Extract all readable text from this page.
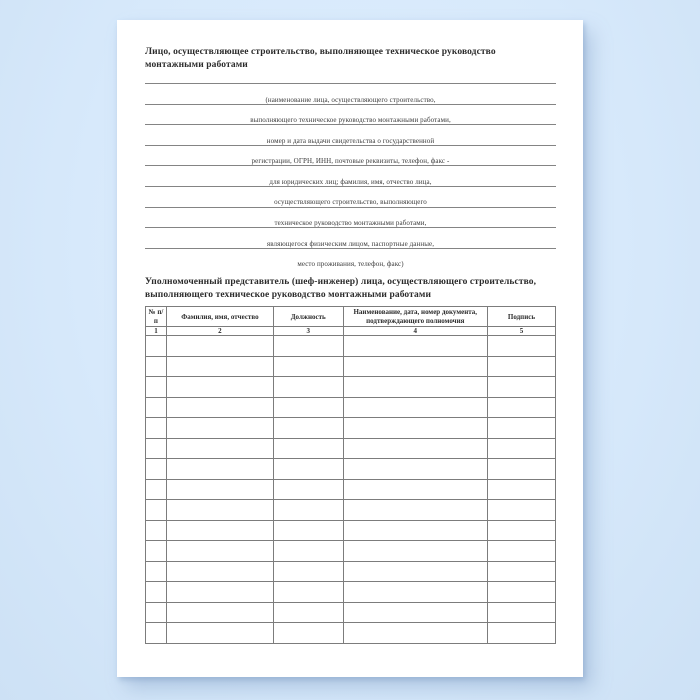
Лицо, осуществляющее строительство, выполняющее техническое руководство монтажными работами

(наименование лица, осуществляющего строительство,
выполняющего техническое руководство монтажными работами,
номер и дата выдачи свидетельства о государственной
регистрации, ОГРН, ИНН, почтовые реквизиты, телефон, факс -
для юридических лиц; фамилия, имя, отчество лица,
осуществляющего строительство, выполняющего
техническое руководство монтажными работами,
являющегося физическим лицом, паспортные данные,
место проживания, телефон, факс)

Уполномоченный представитель (шеф-инженер) лица, осуществляющего строительство, выполняющего техническое руководство монтажными работами

№ п/п	Фамилия, имя, отчество	Должность	Наименование, дата, номер документа, подтверждающего полномочия	Подпись
1	2	3	4	5
